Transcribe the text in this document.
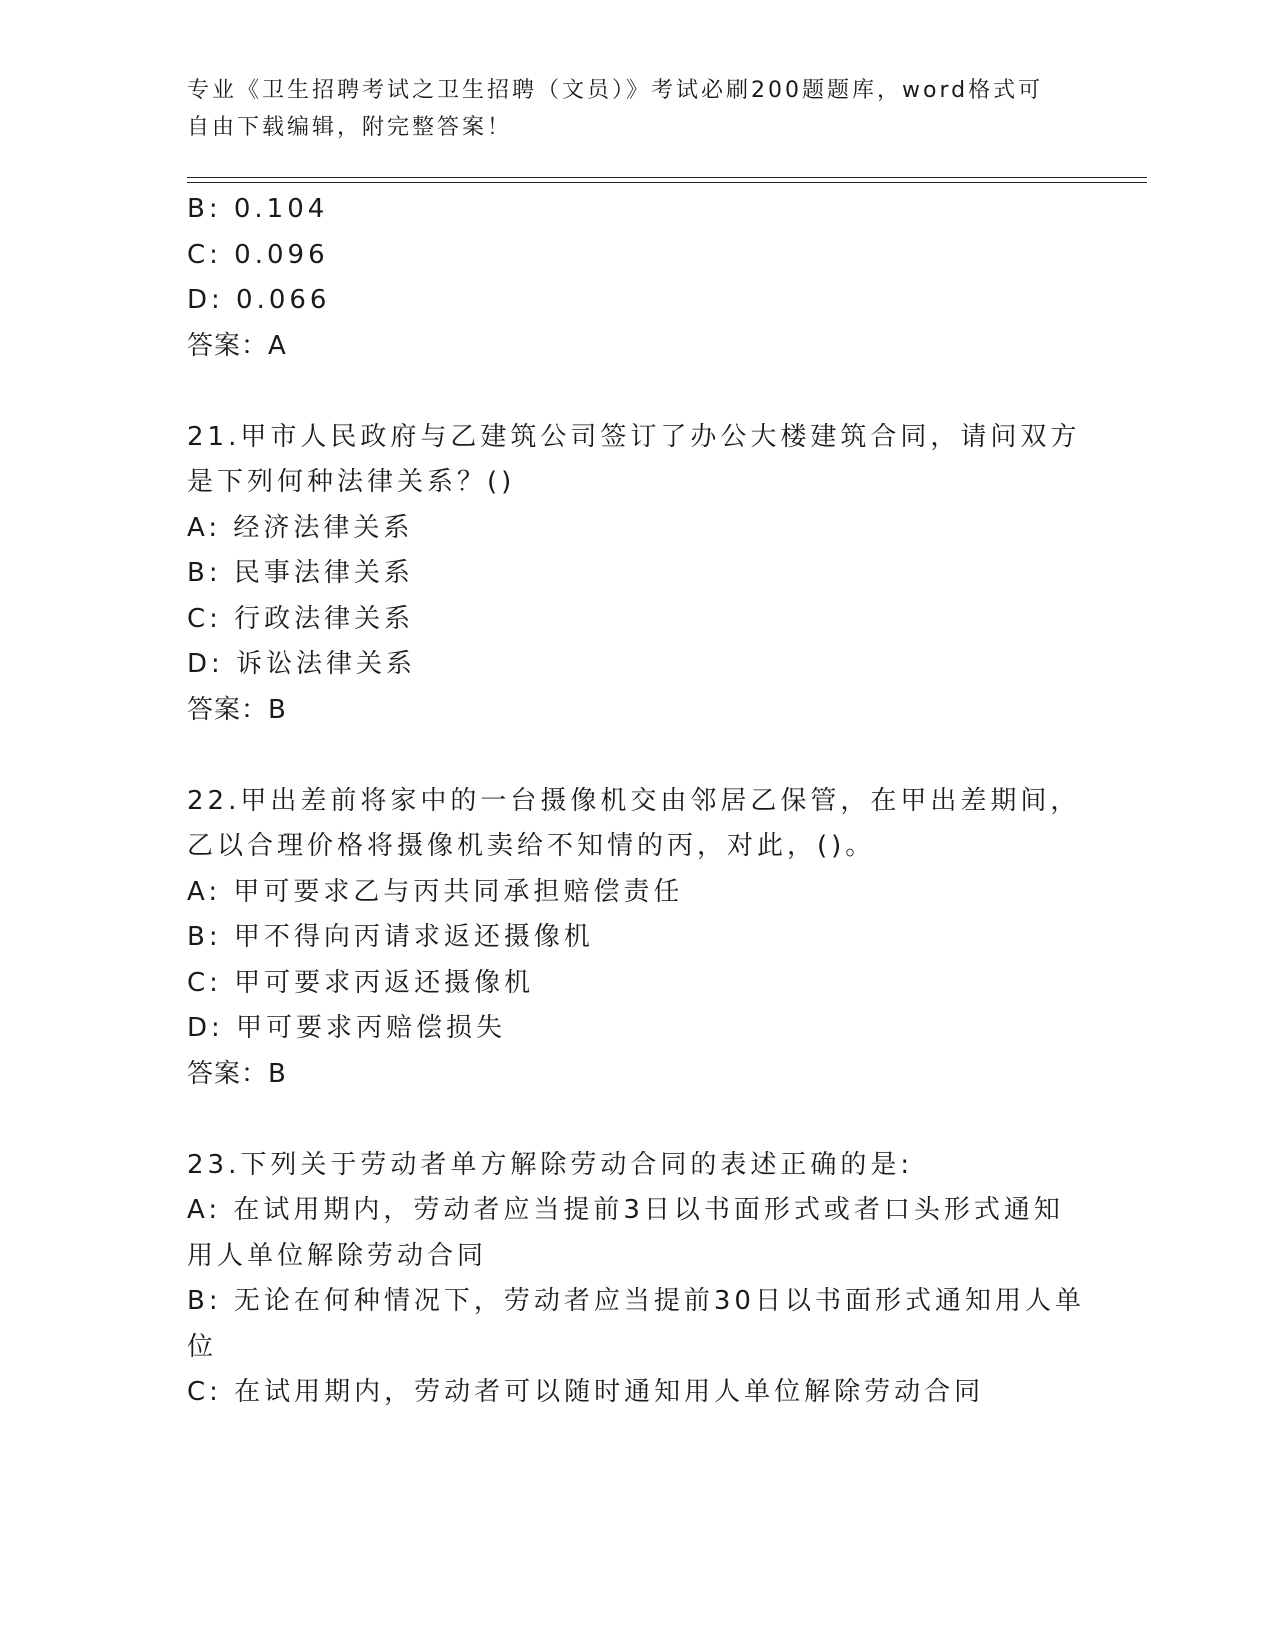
专业《卫生招聘考试之卫生招聘（文员）》考试必刷200题题库，word格式可自由下载编辑，附完整答案！
B: 0.104
C: 0.096
D: 0.066
答案：A
21.甲市人民政府与乙建筑公司签订了办公大楼建筑合同，请问双方是下列何种法律关系？()
A: 经济法律关系
B: 民事法律关系
C: 行政法律关系
D: 诉讼法律关系
答案：B
22.甲出差前将家中的一台摄像机交由邻居乙保管，在甲出差期间，乙以合理价格将摄像机卖给不知情的丙，对此，()。
A: 甲可要求乙与丙共同承担赔偿责任
B: 甲不得向丙请求返还摄像机
C: 甲可要求丙返还摄像机
D: 甲可要求丙赔偿损失
答案：B
23.下列关于劳动者单方解除劳动合同的表述正确的是:
A: 在试用期内，劳动者应当提前3日以书面形式或者口头形式通知用人单位解除劳动合同
B: 无论在何种情况下，劳动者应当提前30日以书面形式通知用人单位
C: 在试用期内，劳动者可以随时通知用人单位解除劳动合同
